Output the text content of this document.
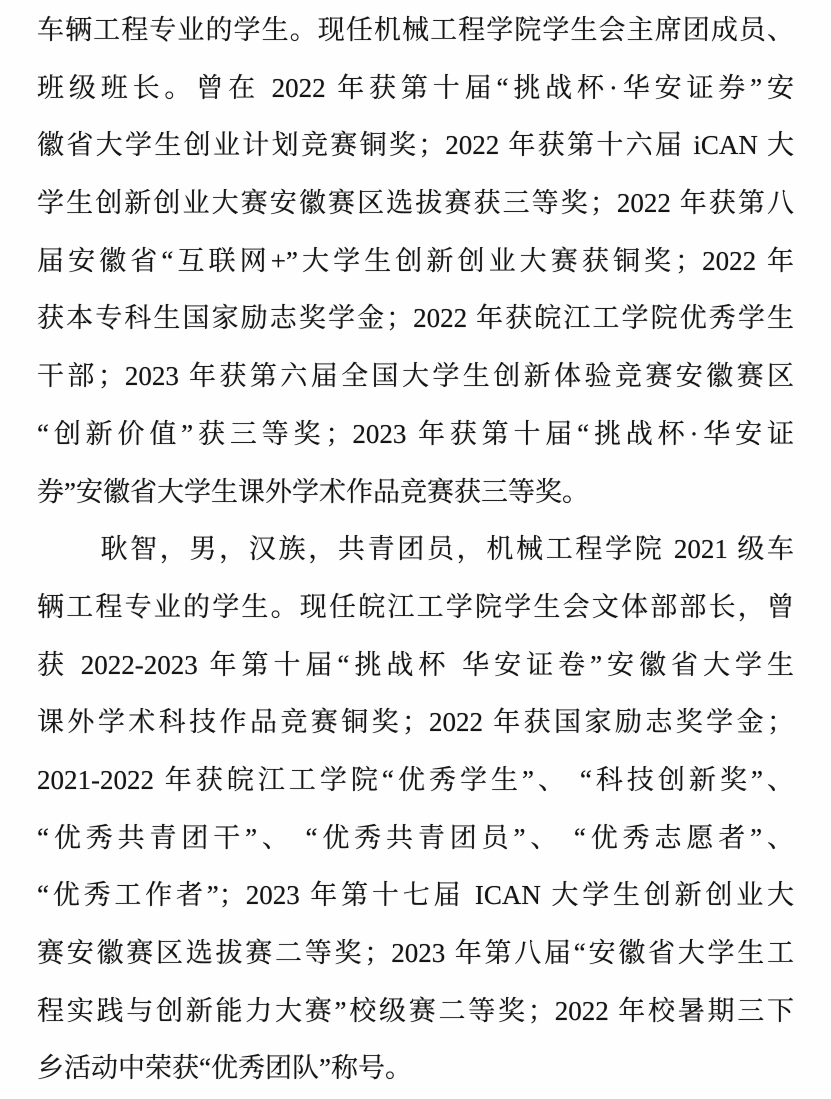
车辆工程专业的学生。现任机械工程学院学生会主席团成员、
班级班长。曾在 2022 年获第十届“挑战杯·华安证券”安
徽省大学生创业计划竞赛铜奖；2022 年获第十六届 iCAN 大
学生创新创业大赛安徽赛区选拔赛获三等奖；2022 年获第八
届安徽省“互联网+”大学生创新创业大赛获铜奖；2022 年
获本专科生国家励志奖学金；2022 年获皖江工学院优秀学生
干部；2023 年获第六届全国大学生创新体验竞赛安徽赛区
“创新价值”获三等奖；2023 年获第十届“挑战杯·华安证
券”安徽省大学生课外学术作品竞赛获三等奖。
耿智，男，汉族，共青团员，机械工程学院 2021 级车
辆工程专业的学生。现任皖江工学院学生会文体部部长，曾
获 2022-2023 年第十届“挑战杯 华安证卷”安徽省大学生
课外学术科技作品竞赛铜奖；2022 年获国家励志奖学金；
2021-2022 年获皖江工学院“优秀学生”、 “科技创新奖”、
“优秀共青团干”、 “优秀共青团员”、 “优秀志愿者”、
“优秀工作者”；2023 年第十七届 ICAN 大学生创新创业大
赛安徽赛区选拔赛二等奖；2023 年第八届“安徽省大学生工
程实践与创新能力大赛”校级赛二等奖；2022 年校暑期三下
乡活动中荣获“优秀团队”称号。
